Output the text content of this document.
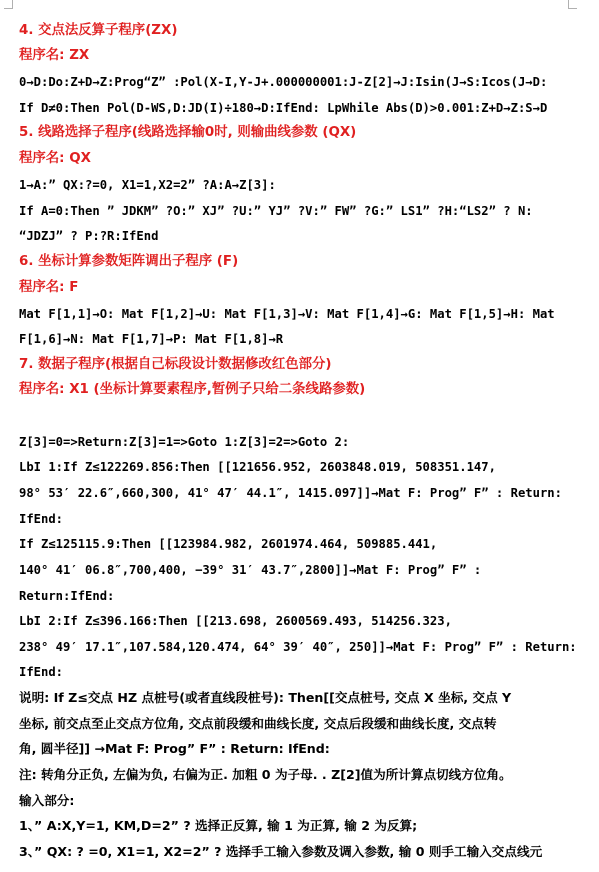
4. 交点法反算子程序(ZX)
程序名: ZX
0→D:Do:Z+D→Z:Prog“Z” :Pol(X-I,Y-J+.000000001:J-Z[2]→J:Isin(J→S:Icos(J→D:
If D≠0:Then Pol(D-WS,D:JD(I)÷180→D:IfEnd: LpWhile Abs(D)>0.001:Z+D→Z:S→D
5. 线路选择子程序(线路选择输0时, 则输曲线参数 (QX)
程序名: QX
1→A:” QX:?=0, X1=1,X2=2” ?A:A→Z[3]:
If A=0:Then ” JDKM” ?O:” XJ” ?U:” YJ” ?V:” FW” ?G:” LS1” ?H:“LS2” ? N:
“JDZJ” ? P:?R:IfEnd
6. 坐标计算参数矩阵调出子程序 (F)
程序名: F
Mat F[1,1]→O: Mat F[1,2]→U: Mat F[1,3]→V: Mat F[1,4]→G: Mat F[1,5]→H: Mat
F[1,6]→N: Mat F[1,7]→P: Mat F[1,8]→R
7. 数据子程序(根据自己标段设计数据修改红色部分)
程序名: X1 (坐标计算要素程序,暂例子只给二条线路参数)
Z[3]=0=>Return:Z[3]=1=>Goto 1:Z[3]=2=>Goto 2:
LbI 1:If Z≤122269.856:Then [[121656.952, 2603848.019, 508351.147,
98° 53′ 22.6″,660,300, 41° 47′ 44.1″, 1415.097]]→Mat F: Prog” F” : Return:
IfEnd:
If Z≤125115.9:Then [[123984.982, 2601974.464, 509885.441,
140° 41′ 06.8″,700,400, −39° 31′ 43.7″,2800]]→Mat F: Prog” F” :
Return:IfEnd:
LbI 2:If Z≤396.166:Then [[213.698, 2600569.493, 514256.323,
238° 49′ 17.1″,107.584,120.474, 64° 39′ 40″, 250]]→Mat F: Prog” F” : Return:
IfEnd:
说明: If Z≤交点 HZ 点桩号(或者直线段桩号): Then[[交点桩号, 交点 X 坐标, 交点 Y
坐标, 前交点至止交点方位角, 交点前段缓和曲线长度, 交点后段缓和曲线长度, 交点转
角, 圆半径]] →Mat F: Prog” F” : Return: IfEnd:
注: 转角分正负, 左偏为负, 右偏为正. 加粗 0 为子母. . Z[2]值为所计算点切线方位角。
输入部分:
1、” A:X,Y=1, KM,D=2” ? 选择正反算, 输 1 为正算, 输 2 为反算;
3、” QX: ? =0, X1=1, X2=2” ? 选择手工输入参数及调入参数, 输 0 则手工输入交点线元
